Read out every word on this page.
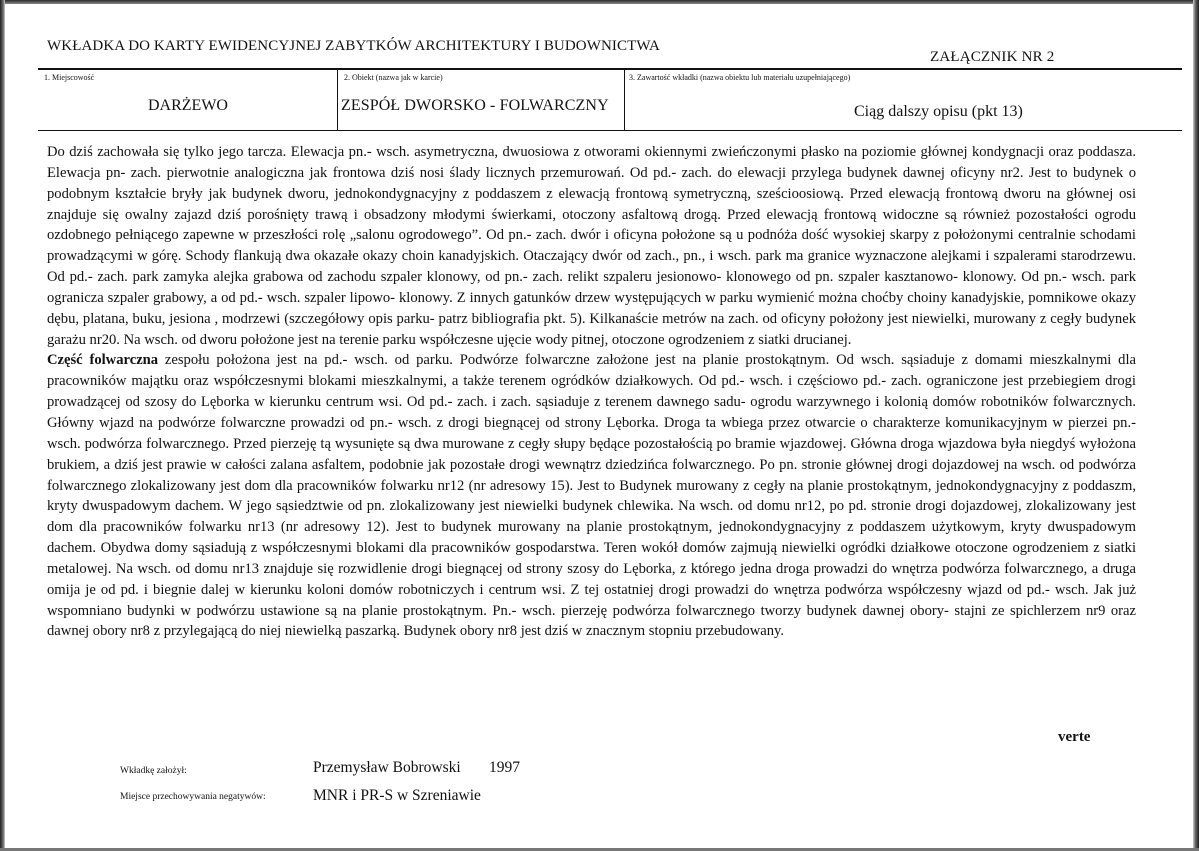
WKŁADKA DO KARTY EWIDENCYJNEJ ZABYTKÓW ARCHITEKTURY I BUDOWNICTWA
ZAŁĄCZNIK NR 2
1. Miejscowość
DARŻEWO
2. Obiekt (nazwa jak w karcie)
ZESPÓŁ DWORSKO - FOLWARCZNY
3. Zawartość wkładki (nazwa obiektu lub materiału uzupełniającego)
Ciąg dalszy opisu (pkt 13)

Do dziś zachowała się tylko jego tarcza. Elewacja pn.- wsch. asymetryczna, dwuosiowa z otworami okiennymi zwieńczonymi płasko na poziomie głównej kondygnacji oraz poddasza. Elewacja pn- zach. pierwotnie analogiczna jak frontowa dziś nosi ślady licznych przemurowań. Od pd.- zach. do elewacji przylega budynek dawnej oficyny nr2. Jest to budynek o podobnym kształcie bryły jak budynek dworu, jednokondygnacyjny z poddaszem z elewacją frontową symetryczną, sześcioosiową. Przed elewacją frontową dworu na głównej osi znajduje się owalny zajazd dziś porośnięty trawą i obsadzony młodymi świerkami, otoczony asfaltową drogą. Przed elewacją frontową widoczne są również pozostałości ogrodu ozdobnego pełniącego zapewne w przeszłości rolę „salonu ogrodowego”. Od pn.- zach. dwór i oficyna położone są u podnóża dość wysokiej skarpy z położonymi centralnie schodami prowadzącymi w górę. Schody flankują dwa okazałe okazy choin kanadyjskich. Otaczający dwór od zach., pn., i wsch. park ma granice wyznaczone alejkami i szpalerami starodrzewu. Od pd.- zach. park zamyka alejka grabowa od zachodu szpaler klonowy, od pn.- zach. relikt szpaleru jesionowo- klonowego od pn. szpaler kasztanowo- klonowy. Od pn.- wsch. park ogranicza szpaler grabowy, a od pd.- wsch. szpaler lipowo- klonowy. Z innych gatunków drzew występujących w parku wymienić można choćby choiny kanadyjskie, pomnikowe okazy dębu, platana, buku, jesiona , modrzewi (szczegółowy opis parku- patrz bibliografia pkt. 5). Kilkanaście metrów na zach. od oficyny położony jest niewielki, murowany z cegły budynek garażu nr20. Na wsch. od dworu położone jest na terenie parku współczesne ujęcie wody pitnej, otoczone ogrodzeniem z siatki drucianej.

Część folwarczna zespołu położona jest na pd.- wsch. od parku. Podwórze folwarczne założone jest na planie prostokątnym. Od wsch. sąsiaduje z domami mieszkalnymi dla pracowników majątku oraz współczesnymi blokami mieszkalnymi, a także terenem ogródków działkowych. Od pd.- wsch. i częściowo pd.- zach. ograniczone jest przebiegiem drogi prowadzącej od szosy do Lęborka w kierunku centrum wsi. Od pd.- zach. i zach. sąsiaduje z terenem dawnego sadu- ogrodu warzywnego i kolonią domów robotników folwarcznych. Główny wjazd na podwórze folwarczne prowadzi od pn.- wsch. z drogi biegnącej od strony Lęborka. Droga ta wbiega przez otwarcie o charakterze komunikacyjnym w pierzei pn.- wsch. podwórza folwarcznego. Przed pierzeję tą wysunięte są dwa murowane z cegły słupy będące pozostałością po bramie wjazdowej. Główna droga wjazdowa była niegdyś wyłożona brukiem, a dziś jest prawie w całości zalana asfaltem, podobnie jak pozostałe drogi wewnątrz dziedzińca folwarcznego. Po pn. stronie głównej drogi dojazdowej na wsch. od podwórza folwarcznego zlokalizowany jest dom dla pracowników folwarku nr12 (nr adresowy 15). Jest to Budynek murowany z cegły na planie prostokątnym, jednokondygnacyjny z poddaszm, kryty dwuspadowym dachem. W jego sąsiedztwie od pn. zlokalizowany jest niewielki budynek chlewika. Na wsch. od domu nr12, po pd. stronie drogi dojazdowej, zlokalizowany jest dom dla pracowników folwarku nr13 (nr adresowy 12). Jest to budynek murowany na planie prostokątnym, jednokondygnacyjny z poddaszem użytkowym, kryty dwuspadowym dachem. Obydwa domy sąsiadują z współczesnymi blokami dla pracowników gospodarstwa. Teren wokół domów zajmują niewielki ogródki działkowe otoczone ogrodzeniem z siatki metalowej. Na wsch. od domu nr13 znajduje się rozwidlenie drogi biegnącej od strony szosy do Lęborka, z którego jedna droga prowadzi do wnętrza podwórza folwarcznego, a druga omija je od pd. i biegnie dalej w kierunku koloni domów robotniczych i centrum wsi. Z tej ostatniej drogi prowadzi do wnętrza podwórza współczesny wjazd od pd.- wsch. Jak już wspomniano budynki w podwórzu ustawione są na planie prostokątnym. Pn.- wsch. pierzeję podwórza folwarcznego tworzy budynek dawnej obory- stajni ze spichlerzem nr9 oraz dawnej obory nr8 z przylegającą do niej niewielką paszarką. Budynek obory nr8 jest dziś w znacznym stopniu przebudowany.

verte
Wkładkę założył:	Przemysław Bobrowski 1997
Miejsce przechowywania negatywów:	MNR i PR-S w Szreniawie
